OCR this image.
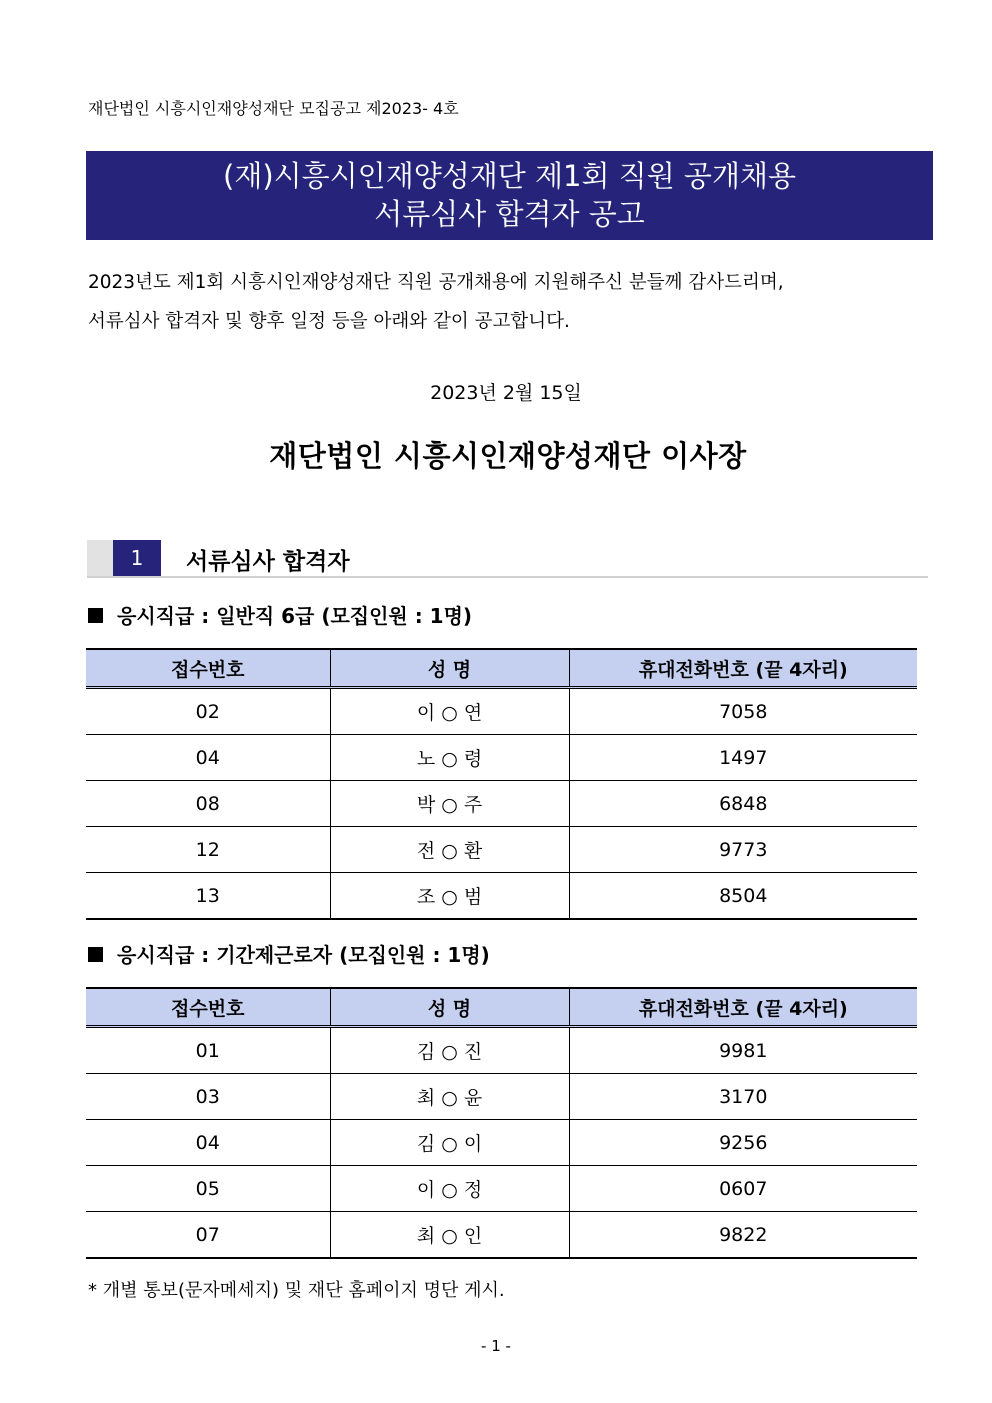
재단법인 시흥시인재양성재단 모집공고 제2023- 4호
(재)시흥시인재양성재단 제1회 직원 공개채용
서류심사 합격자 공고
2023년도 제1회 시흥시인재양성재단 직원 공개채용에 지원해주신 분들께 감사드리며,
서류심사 합격자 및 향후 일정 등을 아래와 같이 공고합니다.
2023년 2월 15일
재단법인 시흥시인재양성재단 이사장
1	서류심사 합격자
응시직급 : 일반직 6급 (모집인원 : 1명)
접수번호	성 명	휴대전화번호 (끝 4자리)
02	이 ○ 연	7058
04	노 ○ 령	1497
08	박 ○ 주	6848
12	전 ○ 환	9773
13	조 ○ 범	8504
응시직급 : 기간제근로자 (모집인원 : 1명)
접수번호	성 명	휴대전화번호 (끝 4자리)
01	김 ○ 진	9981
03	최 ○ 윤	3170
04	김 ○ 이	9256
05	이 ○ 정	0607
07	최 ○ 인	9822
* 개별 통보(문자메세지) 및 재단 홈페이지 명단 게시.
- 1 -
